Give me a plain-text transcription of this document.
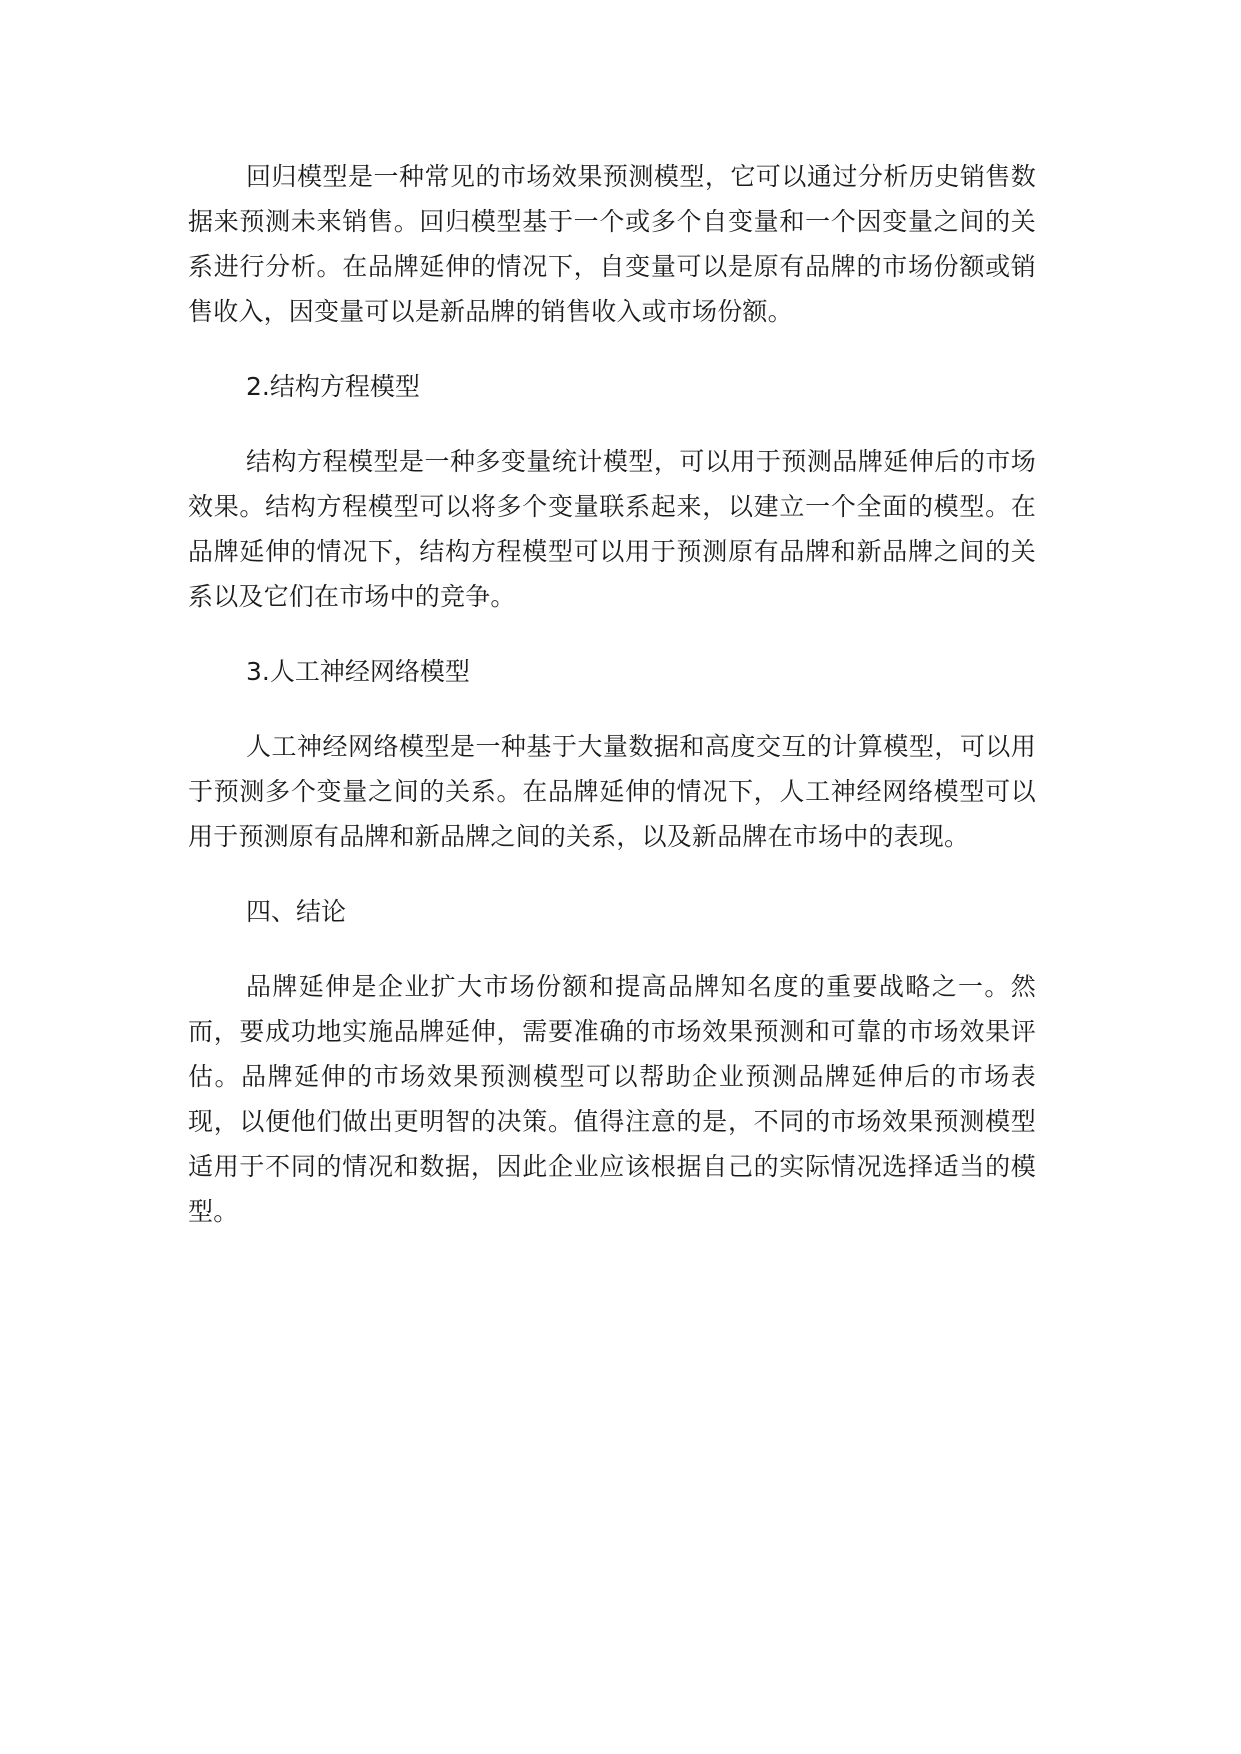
回归模型是一种常见的市场效果预测模型，它可以通过分析历史销售数据来预测未来销售。回归模型基于一个或多个自变量和一个因变量之间的关系进行分析。在品牌延伸的情况下，自变量可以是原有品牌的市场份额或销售收入，因变量可以是新品牌的销售收入或市场份额。

2.结构方程模型

结构方程模型是一种多变量统计模型，可以用于预测品牌延伸后的市场效果。结构方程模型可以将多个变量联系起来，以建立一个全面的模型。在品牌延伸的情况下，结构方程模型可以用于预测原有品牌和新品牌之间的关系以及它们在市场中的竞争。

3.人工神经网络模型

人工神经网络模型是一种基于大量数据和高度交互的计算模型，可以用于预测多个变量之间的关系。在品牌延伸的情况下，人工神经网络模型可以用于预测原有品牌和新品牌之间的关系，以及新品牌在市场中的表现。

四、结论

品牌延伸是企业扩大市场份额和提高品牌知名度的重要战略之一。然而，要成功地实施品牌延伸，需要准确的市场效果预测和可靠的市场效果评估。品牌延伸的市场效果预测模型可以帮助企业预测品牌延伸后的市场表现，以便他们做出更明智的决策。值得注意的是，不同的市场效果预测模型适用于不同的情况和数据，因此企业应该根据自己的实际情况选择适当的模型。
